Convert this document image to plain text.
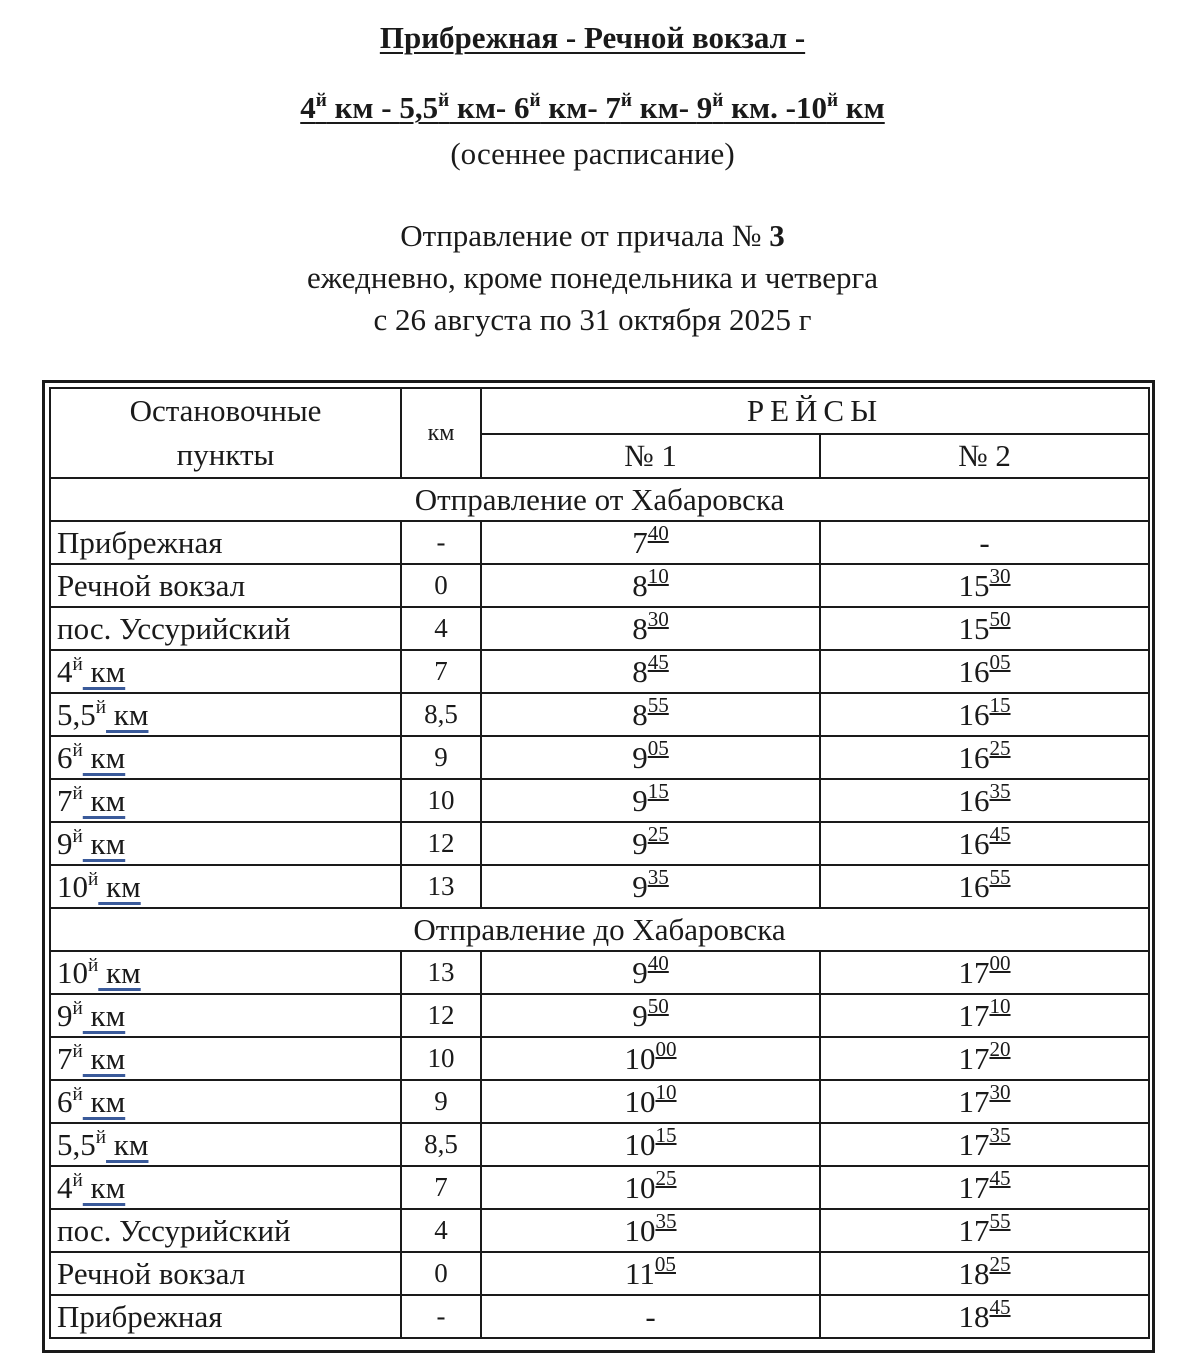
Прибрежная - Речной вокзал -
$4^й$ км - $5,5^й$ км- $6^й$ км- $7^й$ км- $9^й$ км. $-10^й$ км
(осеннее расписание)
Отправление от причала № 3
ежедневно, кроме понедельника и четверга
с 26 августа по 31 октября 2025 г
Остановочные
пункты	км	РЕЙСЫ	
		№ 1	№ 2
Отправление от Хабаровска			
Прибрежная	-	$7^{40}$	-
Речной вокзал	0	$8^{10}$	$15^{30}$
пос. Уссурийский	4	$8^{30}$	$15^{50}$
$4^й$ км	7	$8^{45}$	$16^{05}$
$5,5^й$ км	8,5	$8^{55}$	$16^{15}$
$6^й$ км	9	$9^{05}$	$16^{25}$
$7^й$ км	10	$9^{15}$	$16^{35}$
$9^й$ км	12	$9^{25}$	$16^{45}$
$10^й$ км	13	$9^{35}$	$16^{55}$
Отправление до Хабаровска			
$10^й$ км	13	$9^{40}$	$17^{00}$
$9^й$ км	12	$9^{50}$	$17^{10}$
$7^й$ км	10	$10^{00}$	$17^{20}$
$6^й$ км	9	$10^{10}$	$17^{30}$
$5,5^й$ км	8,5	$10^{15}$	$17^{35}$
$4^й$ км	7	$10^{25}$	$17^{45}$
пос. Уссурийский	4	$10^{35}$	$17^{55}$
Речной вокзал	0	$11^{05}$	$18^{25}$
Прибрежная	-	-	$18^{45}$
